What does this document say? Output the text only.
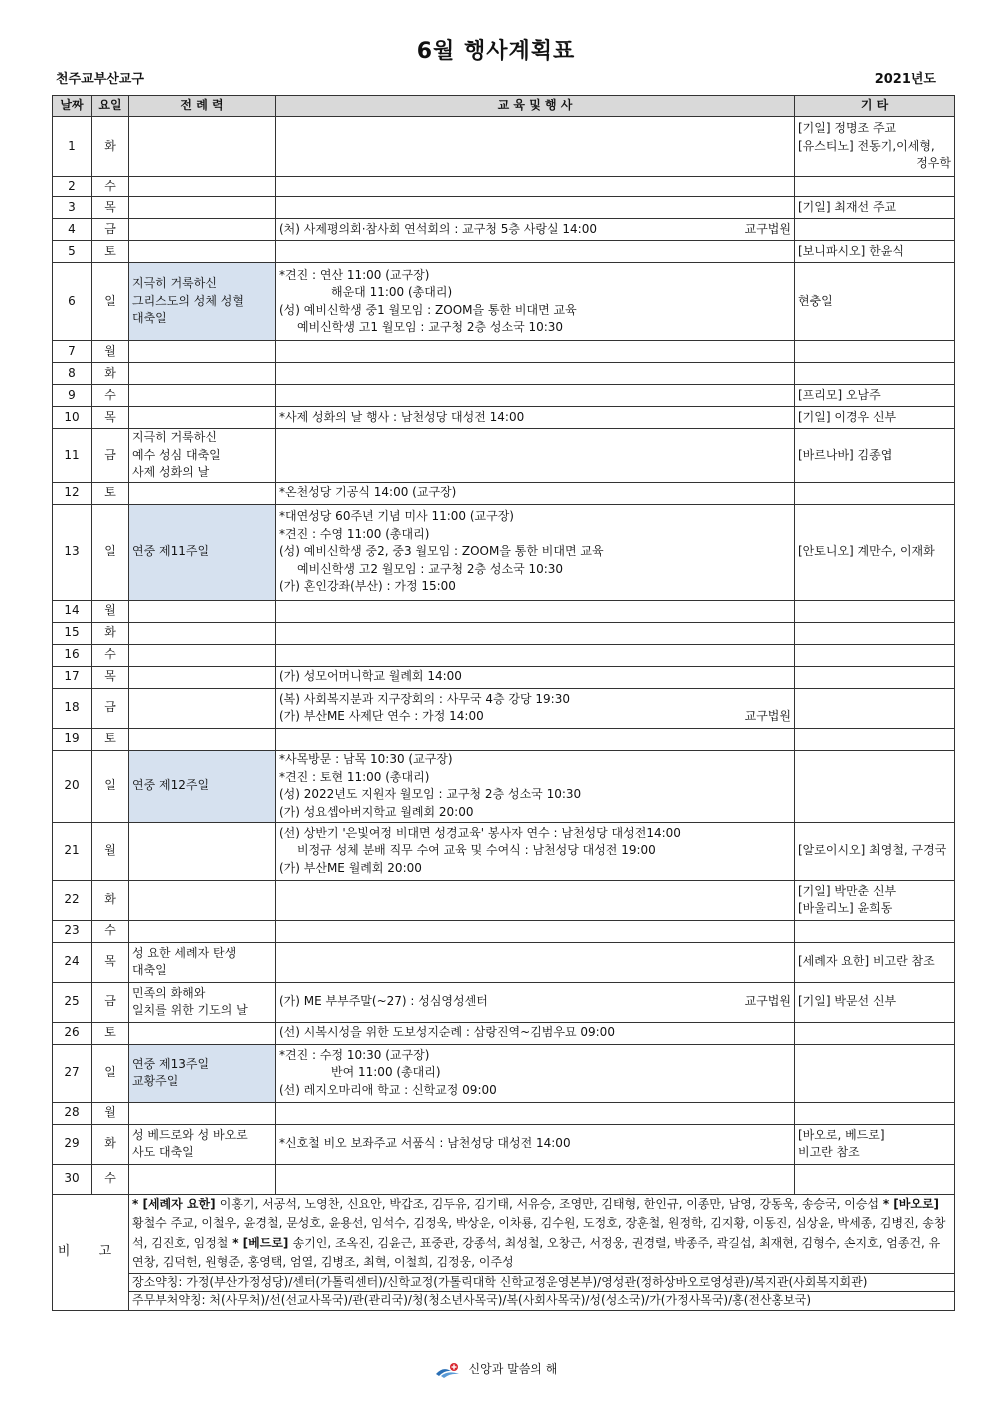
6월 행사계획표
천주교부산교구	2021년도
날짜	요일	전 례 력	교 육 및 행 사	기 타
1	화			[기일] 정명조 주교
[유스티노] 전동기,이세형,
정우학

2	수			
3	목			[기일] 최재선 주교

4	금		(처) 사제평의회·참사회 연석회의 : 교구청 5층 사랑실 14:00 교구법원	

5	토			[보니파시오] 한윤식

6	일	지극히 거룩하신
그리스도의 성체 성혈
대축일	*견진 : 연산 11:00 (교구장)
해운대 11:00 (총대리)
(성) 예비신학생 중1 월모임 : ZOOM을 통한 비대면 교육
예비신학생 고1 월모임 : 교구청 2층 성소국 10:30	현충일

7	월			
8	화			
9	수			[프리모] 오남주

10	목		*사제 성화의 날 행사 : 남천성당 대성전 14:00	[기일] 이경우 신부

11	금	지극히 거룩하신
예수 성심 대축일
사제 성화의 날		[바르나바] 김종엽

12	토		*온천성당 기공식 14:00 (교구장)	

13	일	연중 제11주일	*대연성당 60주년 기념 미사 11:00 (교구장)
*견진 : 수영 11:00 (총대리)
(성) 예비신학생 중2, 중3 월모임 : ZOOM을 통한 비대면 교육
예비신학생 고2 월모임 : 교구청 2층 성소국 10:30
(가) 혼인강좌(부산) : 가정 15:00	[안토니오] 계만수, 이재화

14	월			
15	화			
16	수			
17	목		(가) 성모어머니학교 월례회 14:00	

18	금		(복) 사회복지분과 지구장회의 : 사무국 4층 강당 19:30
(가) 부산ME 사제단 연수 : 가정 14:00 교구법원	

19	토			
20	일	연중 제12주일	*사목방문 : 남목 10:30 (교구장)
*견진 : 토현 11:00 (총대리)
(성) 2022년도 지원자 월모임 : 교구청 2층 성소국 10:30
(가) 성요셉아버지학교 월례회 20:00	

21	월		(선) 상반기 '은빛여정 비대면 성경교육' 봉사자 연수 : 남천성당 대성전14:00
비정규 성체 분배 직무 수여 교육 및 수여식 : 남천성당 대성전 19:00
(가) 부산ME 월례회 20:00	[알로이시오] 최영철, 구경국

22	화			[기일] 박만춘 신부
[바울리노] 윤희동

23	수			
24	목	성 요한 세례자 탄생
대축일		[세례자 요한] 비고란 참조

25	금	민족의 화해와
일치를 위한 기도의 날	(가) ME 부부주말(~27) : 성심영성센터 교구법원	[기일] 박문선 신부

26	토		(선) 시복시성을 위한 도보성지순례 : 삼랑진역~김범우묘 09:00	

27	일	연중 제13주일
교황주일	*견진 : 수정 10:30 (교구장)
반여 11:00 (총대리)
(선) 레지오마리애 학교 : 신학교정 09:00	

28	월			
29	화	성 베드로와 성 바오로
사도 대축일	*신호철 비오 보좌주교 서품식 : 남천성당 대성전 14:00	[바오로, 베드로]
비고란 참조

30	수			
비 고		* [세례자 요한] 이홍기, 서공석, 노영찬, 신요안, 박갑조, 김두유, 김기태, 서유승, 조영만, 김태형, 한인규, 이종만, 남영, 강동욱, 송승국, 이승섭 * [바오로] 황철수 주교, 이철우, 윤경철, 문성호, 윤용선, 임석수, 김정욱, 박상운, 이차룡, 김수원, 도정호, 장훈철, 원정학, 김지황, 이동진, 심상윤, 박세종, 김병진, 송창석, 김진호, 임정철 * [베드로] 송기인, 조옥진, 김윤근, 표중관, 강종석, 최성철, 오창근, 서정웅, 권경렬, 박종주, 곽길섭, 최재현, 김형수, 손지호, 엄종건, 유연창, 김덕헌, 원형준, 홍영택, 엄열, 김병조, 최혁, 이철희, 김정웅, 이주성		
		장소약칭: 가정(부산가정성당)/센터(가톨릭센터)/신학교정(가톨릭대학 신학교정운영본부)/영성관(정하상바오로영성관)/복지관(사회복지회관)		
		주무부처약칭: 처(사무처)/선(선교사목국)/관(관리국)/청(청소년사목국)/복(사회사목국)/성(성소국)/가(가정사목국)/홍(전산홍보국)		
신앙과 말씀의 해
